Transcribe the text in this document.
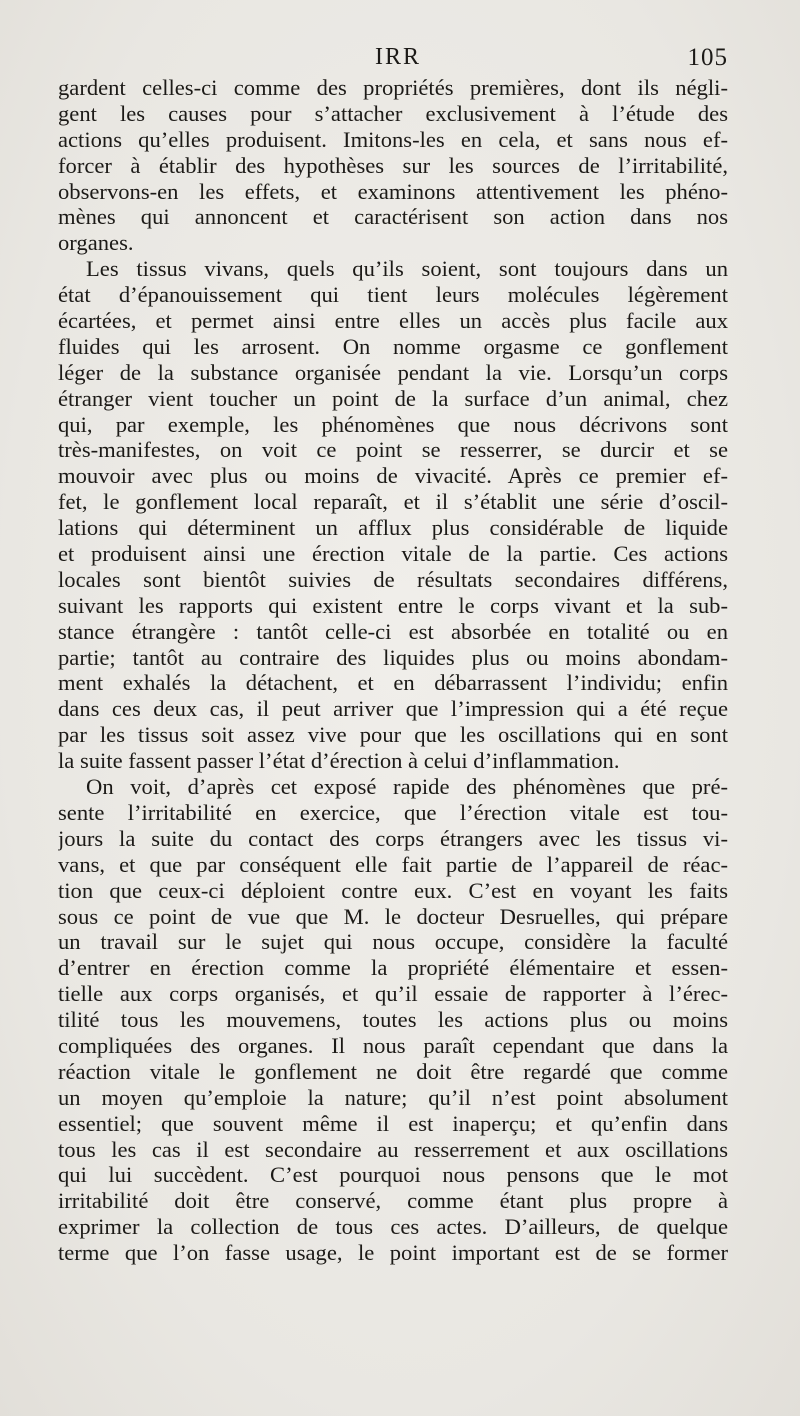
IRR	105
gardent celles-ci comme des propriétés premières, dont ils négli-
gent les causes pour s’attacher exclusivement à l’étude des
actions qu’elles produisent. Imitons-les en cela, et sans nous ef-
forcer à établir des hypothèses sur les sources de l’irritabilité,
observons-en les effets, et examinons attentivement les phéno-
mènes qui annoncent et caractérisent son action dans nos
organes.
Les tissus vivans, quels qu’ils soient, sont toujours dans un
état d’épanouissement qui tient leurs molécules légèrement
écartées, et permet ainsi entre elles un accès plus facile aux
fluides qui les arrosent. On nomme orgasme ce gonflement
léger de la substance organisée pendant la vie. Lorsqu’un corps
étranger vient toucher un point de la surface d’un animal, chez
qui, par exemple, les phénomènes que nous décrivons sont
très-manifestes, on voit ce point se resserrer, se durcir et se
mouvoir avec plus ou moins de vivacité. Après ce premier ef-
fet, le gonflement local reparaît, et il s’établit une série d’oscil-
lations qui déterminent un afflux plus considérable de liquide
et produisent ainsi une érection vitale de la partie. Ces actions
locales sont bientôt suivies de résultats secondaires différens,
suivant les rapports qui existent entre le corps vivant et la sub-
stance étrangère : tantôt celle-ci est absorbée en totalité ou en
partie; tantôt au contraire des liquides plus ou moins abondam-
ment exhalés la détachent, et en débarrassent l’individu; enfin
dans ces deux cas, il peut arriver que l’impression qui a été reçue
par les tissus soit assez vive pour que les oscillations qui en sont
la suite fassent passer l’état d’érection à celui d’inflammation.
On voit, d’après cet exposé rapide des phénomènes que pré-
sente l’irritabilité en exercice, que l’érection vitale est tou-
jours la suite du contact des corps étrangers avec les tissus vi-
vans, et que par conséquent elle fait partie de l’appareil de réac-
tion que ceux-ci déploient contre eux. C’est en voyant les faits
sous ce point de vue que M. le docteur Desruelles, qui prépare
un travail sur le sujet qui nous occupe, considère la faculté
d’entrer en érection comme la propriété élémentaire et essen-
tielle aux corps organisés, et qu’il essaie de rapporter à l’érec-
tilité tous les mouvemens, toutes les actions plus ou moins
compliquées des organes. Il nous paraît cependant que dans la
réaction vitale le gonflement ne doit être regardé que comme
un moyen qu’emploie la nature; qu’il n’est point absolument
essentiel; que souvent même il est inaperçu; et qu’enfin dans
tous les cas il est secondaire au resserrement et aux oscillations
qui lui succèdent. C’est pourquoi nous pensons que le mot
irritabilité doit être conservé, comme étant plus propre à
exprimer la collection de tous ces actes. D’ailleurs, de quelque
terme que l’on fasse usage, le point important est de se former
